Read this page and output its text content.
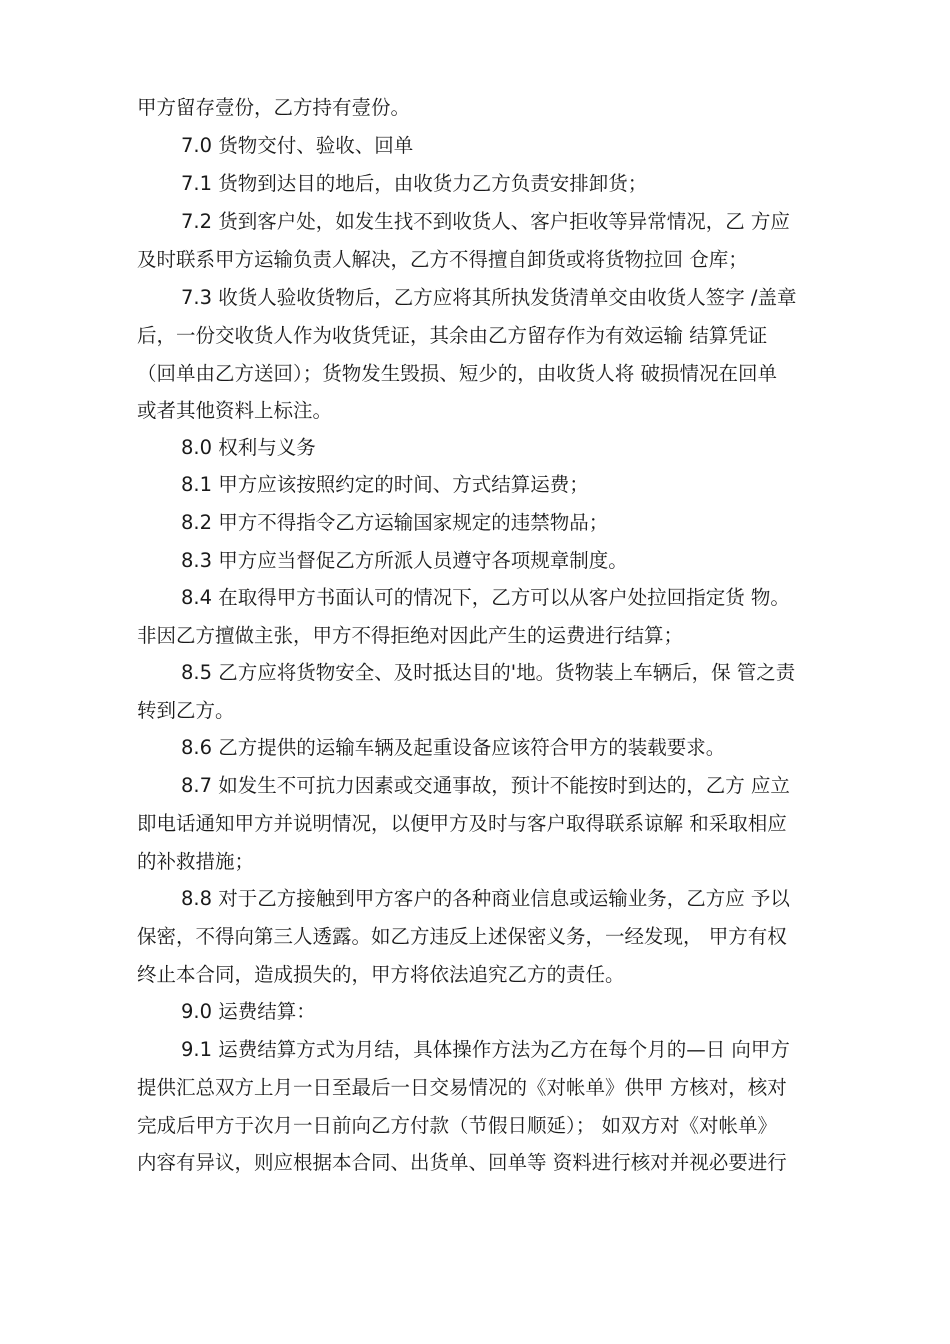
甲方留存壹份，乙方持有壹份。
7.0 货物交付、验收、回单
7.1 货物到达目的地后，由收货力乙方负责安排卸货；
7.2 货到客户处，如发生找不到收货人、客户拒收等异常情况，乙 方应
及时联系甲方运输负责人解决，乙方不得擅自卸货或将货物拉回 仓库；
7.3 收货人验收货物后，乙方应将其所执发货清单交由收货人签字 /盖章
后，一份交收货人作为收货凭证，其余由乙方留存作为有效运输 结算凭证
（回单由乙方送回）；货物发生毁损、短少的，由收货人将 破损情况在回单
或者其他资料上标注。
8.0 权利与义务
8.1 甲方应该按照约定的时间、方式结算运费；
8.2 甲方不得指令乙方运输国家规定的违禁物品；
8.3 甲方应当督促乙方所派人员遵守各项规章制度。
8.4 在取得甲方书面认可的情况下，乙方可以从客户处拉回指定货 物。
非因乙方擅做主张，甲方不得拒绝对因此产生的运费进行结算；
8.5 乙方应将货物安全、及时抵达目的'地。货物装上车辆后，保 管之责
转到乙方。
8.6 乙方提供的运输车辆及起重设备应该符合甲方的装载要求。
8.7 如发生不可抗力因素或交通事故，预计不能按时到达的，乙方 应立
即电话通知甲方并说明情况，以便甲方及时与客户取得联系谅解 和采取相应
的补救措施；
8.8 对于乙方接触到甲方客户的各种商业信息或运输业务，乙方应 予以
保密，不得向第三人透露。如乙方违反上述保密义务，一经发现， 甲方有权
终止本合同，造成损失的，甲方将依法追究乙方的责任。
9.0 运费结算：
9.1 运费结算方式为月结，具体操作方法为乙方在每个月的—日 向甲方
提供汇总双方上月一日至最后一日交易情况的《对帐单》供甲 方核对，核对
完成后甲方于次月一日前向乙方付款（节假日顺延）； 如双方对《对帐单》
内容有异议，则应根据本合同、出货单、回单等 资料进行核对并视必要进行
